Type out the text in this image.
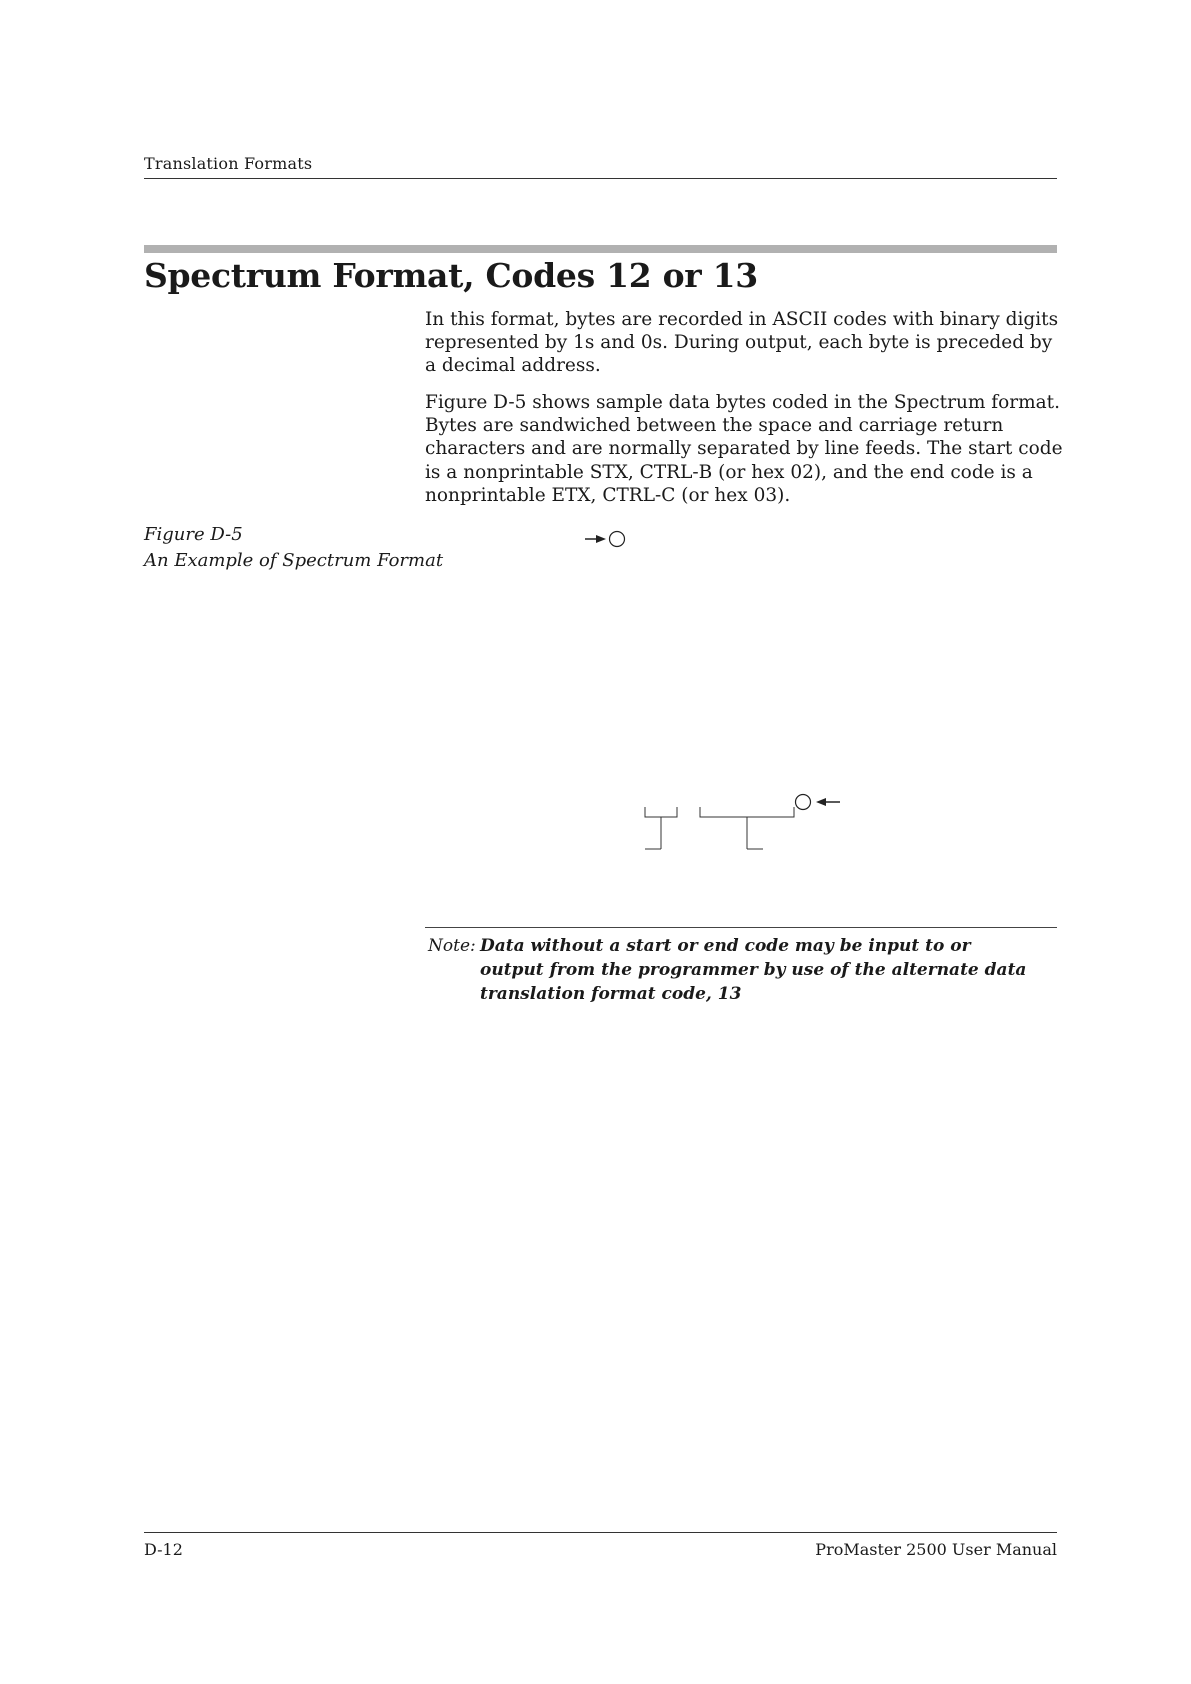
Translation Formats
Spectrum Format, Codes 12 or 13

In this format, bytes are recorded in ASCII codes with binary digits represented by 1s and 0s. During output, each byte is preceded by a decimal address.

Figure D-5 shows sample data bytes coded in the Spectrum format. Bytes are sandwiched between the space and carriage return characters and are normally separated by line feeds. The start code is a nonprintable STX, CTRL-B (or hex 02), and the end code is a nonprintable ETX, CTRL-C (or hex 03).

Figure D-5
An Example of Spectrum Format
Note: Data without a start or end code may be input to or output from the programmer by use of the alternate data translation format code, 13
D-12	ProMaster 2500 User Manual
